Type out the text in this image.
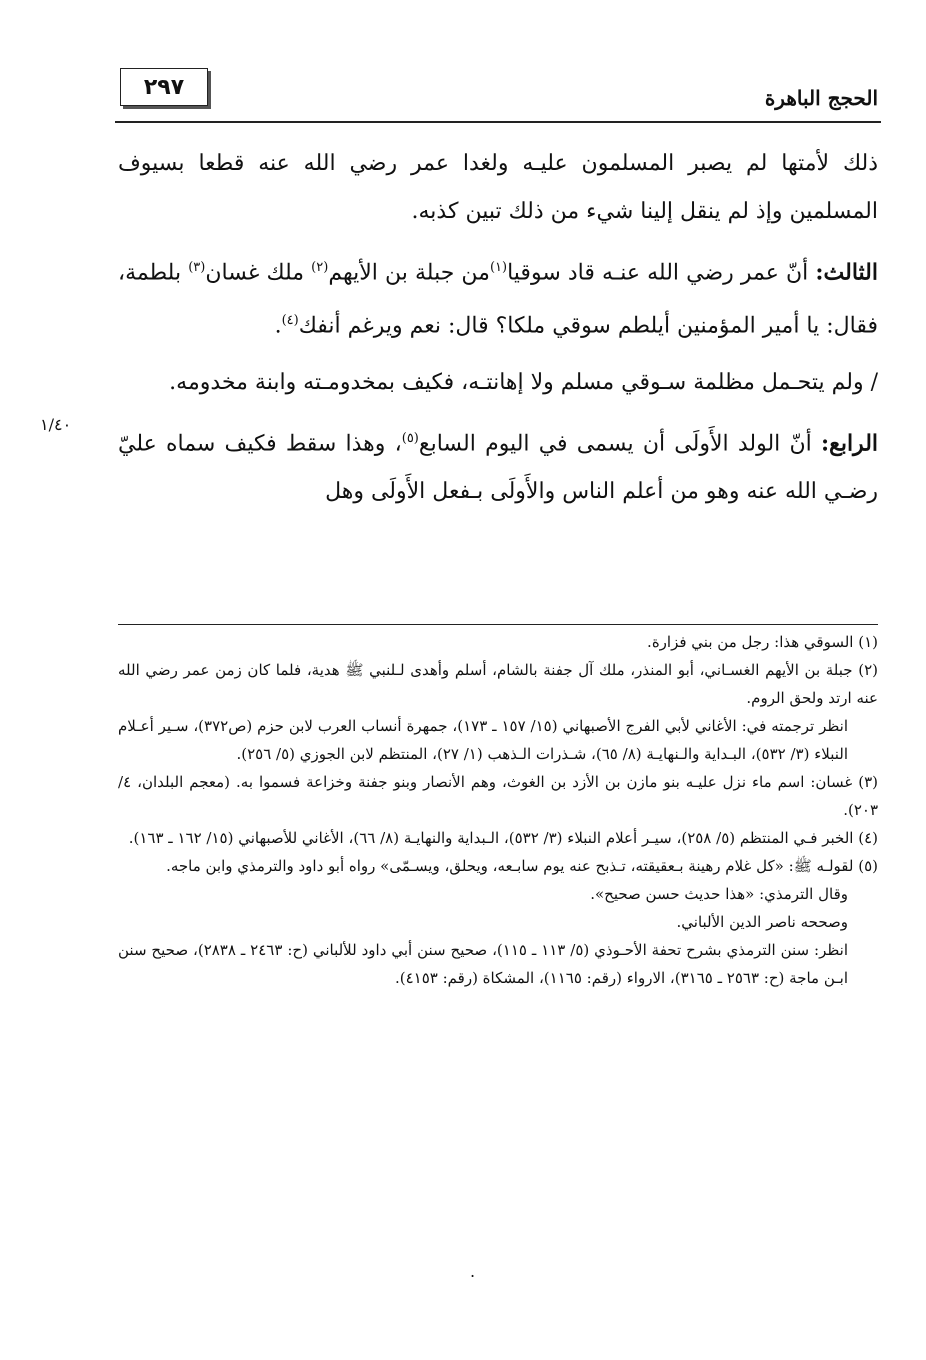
٢٩٧	الحجج الباهرة

ذلك لأمتها لم يصبر المسلمون عليـه ولغدا عمر رضي الله عنه قطعا بسيوف المسلمين وإذ لم ينقل إلينا شيء من ذلك تبين كذبه.

الثالث: أنّ عمر رضي الله عنـه قاد سوقيا$^{(١)}$من جبلة بن الأيهم$^{(٢)}$ ملك غسان$^{(٣)}$ بلطمة، فقال: يا أمير المؤمنين أيلطم سوقي ملكا؟ قال: نعم ويرغم أنفك$^{(٤)}$.

/ ولم يتحـمل مظلمة سـوقي مسلم ولا إهانتـه، فكيف بمخدومـته وابنة مخدومه.

الرابع: أنّ الولد الأَولَى أن يسمى في اليوم السابع$^{(٥)}$، وهذا سقط فكيف سماه عليّ رضـي الله عنه وهو من أعلم الناس والأَولَى بـفعل الأَولَى وهل

١/٤٠

(١) السوقي هذا: رجل من بني فزارة.

(٢) جبلة بن الأيهم الغسـاني، أبو المنذر، ملك آل جفنة بالشام، أسلم وأهدى لـلنبي ﷺ هدية، فلما كان زمن عمر رضي الله عنه ارتد ولحق الروم.

انظر ترجمته في: الأغاني لأبي الفرج الأصبهاني (١٥/ ١٥٧ ـ ١٧٣)، جمهرة أنساب العرب لابن حزم (ص٣٧٢)، سـير أعـلام النبلاء (٣/ ٥٣٢)، البـداية والـنهايـة (٨/ ٦٥)، شـذرات الـذهب (١/ ٢٧)، المنتظم لابن الجوزي (٥/ ٢٥٦).

(٣) غسان: اسم ماء نزل عليـه بنو مازن بن الأزد بن الغوث، وهم الأنصار وبنو جفنة وخزاعة فسموا به. (معجم البلدان، ٤/ ٢٠٣).

(٤) الخبر فـي المنتظم (٥/ ٢٥٨)، سيـر أعلام النبلاء (٣/ ٥٣٢)، الـبداية والنهايـة (٨/ ٦٦)، الأغاني للأصبهاني (١٥/ ١٦٢ ـ ١٦٣).

(٥) لقولـه ﷺ: «كل غلام رهينة بـعقيقته، تـذبح عنه يوم سابـعه، ويحلق، ويسـمّى» رواه أبو داود والترمذي وابن ماجه.

وقال الترمذي: «هذا حديث حسن صحيح».

وصححه ناصر الدين الألباني.

انظر: سنن الترمذي بشرح تحفة الأحـوذي (٥/ ١١٣ ـ ١١٥)، صحيح سنن أبي داود للألباني (ح: ٢٤٦٣ ـ ٢٨٣٨)، صحيح سنن ابـن ماجة (ح: ٢٥٦٣ ـ ٣١٦٥)، الارواء (رقم: ١١٦٥)، المشكاة (رقم: ٤١٥٣).

.
